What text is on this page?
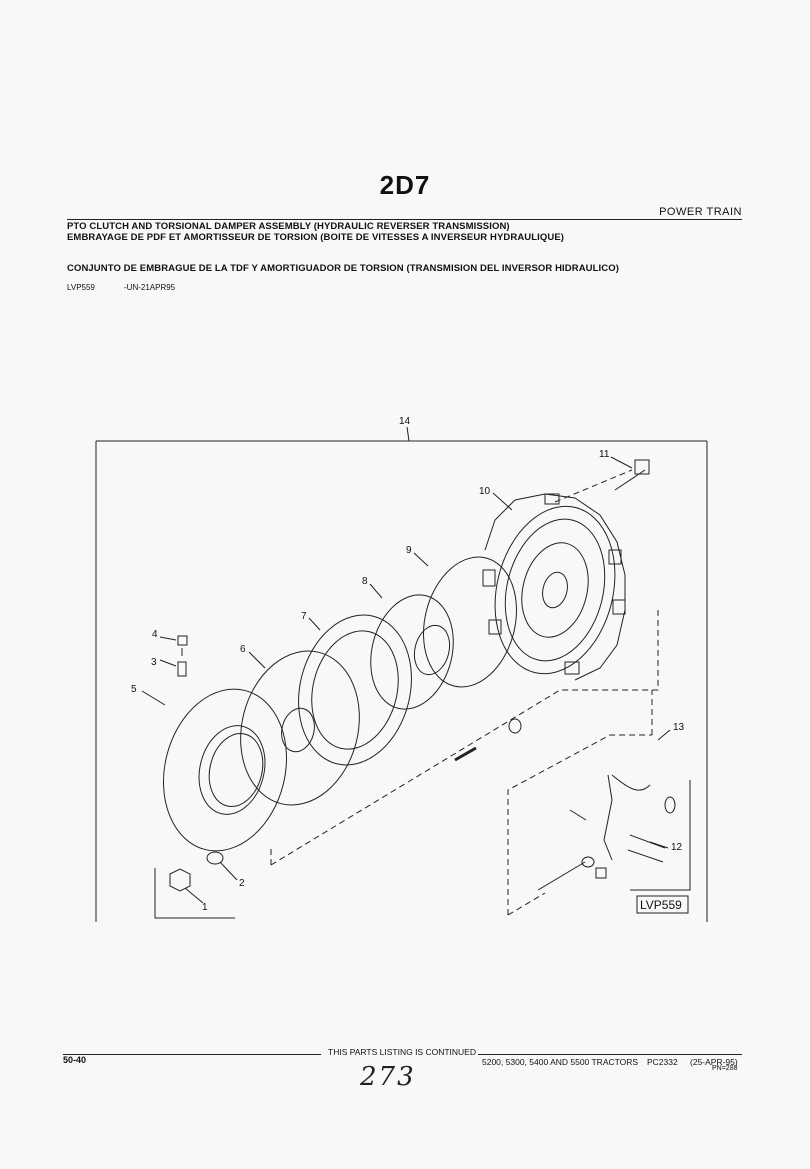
2D7
POWER TRAIN
PTO CLUTCH AND TORSIONAL DAMPER ASSEMBLY (HYDRAULIC REVERSER TRANSMISSION)
EMBRAYAGE DE PDF ET AMORTISSEUR DE TORSION (BOITE DE VITESSES A INVERSEUR HYDRAULIQUE)
CONJUNTO DE EMBRAGUE DE LA TDF Y AMORTIGUADOR DE TORSION (TRANSMISION DEL INVERSOR HIDRAULICO)
LVP559	-UN-21APR95
1
2
3
4
5
6
7
8
9
10
11
12
13
14
LVP559
THIS PARTS LISTING IS CONTINUED
50-40	5200, 5300, 5400 AND 5500 TRACTORS PC2332 (25-APR-95)
PN=288
273
